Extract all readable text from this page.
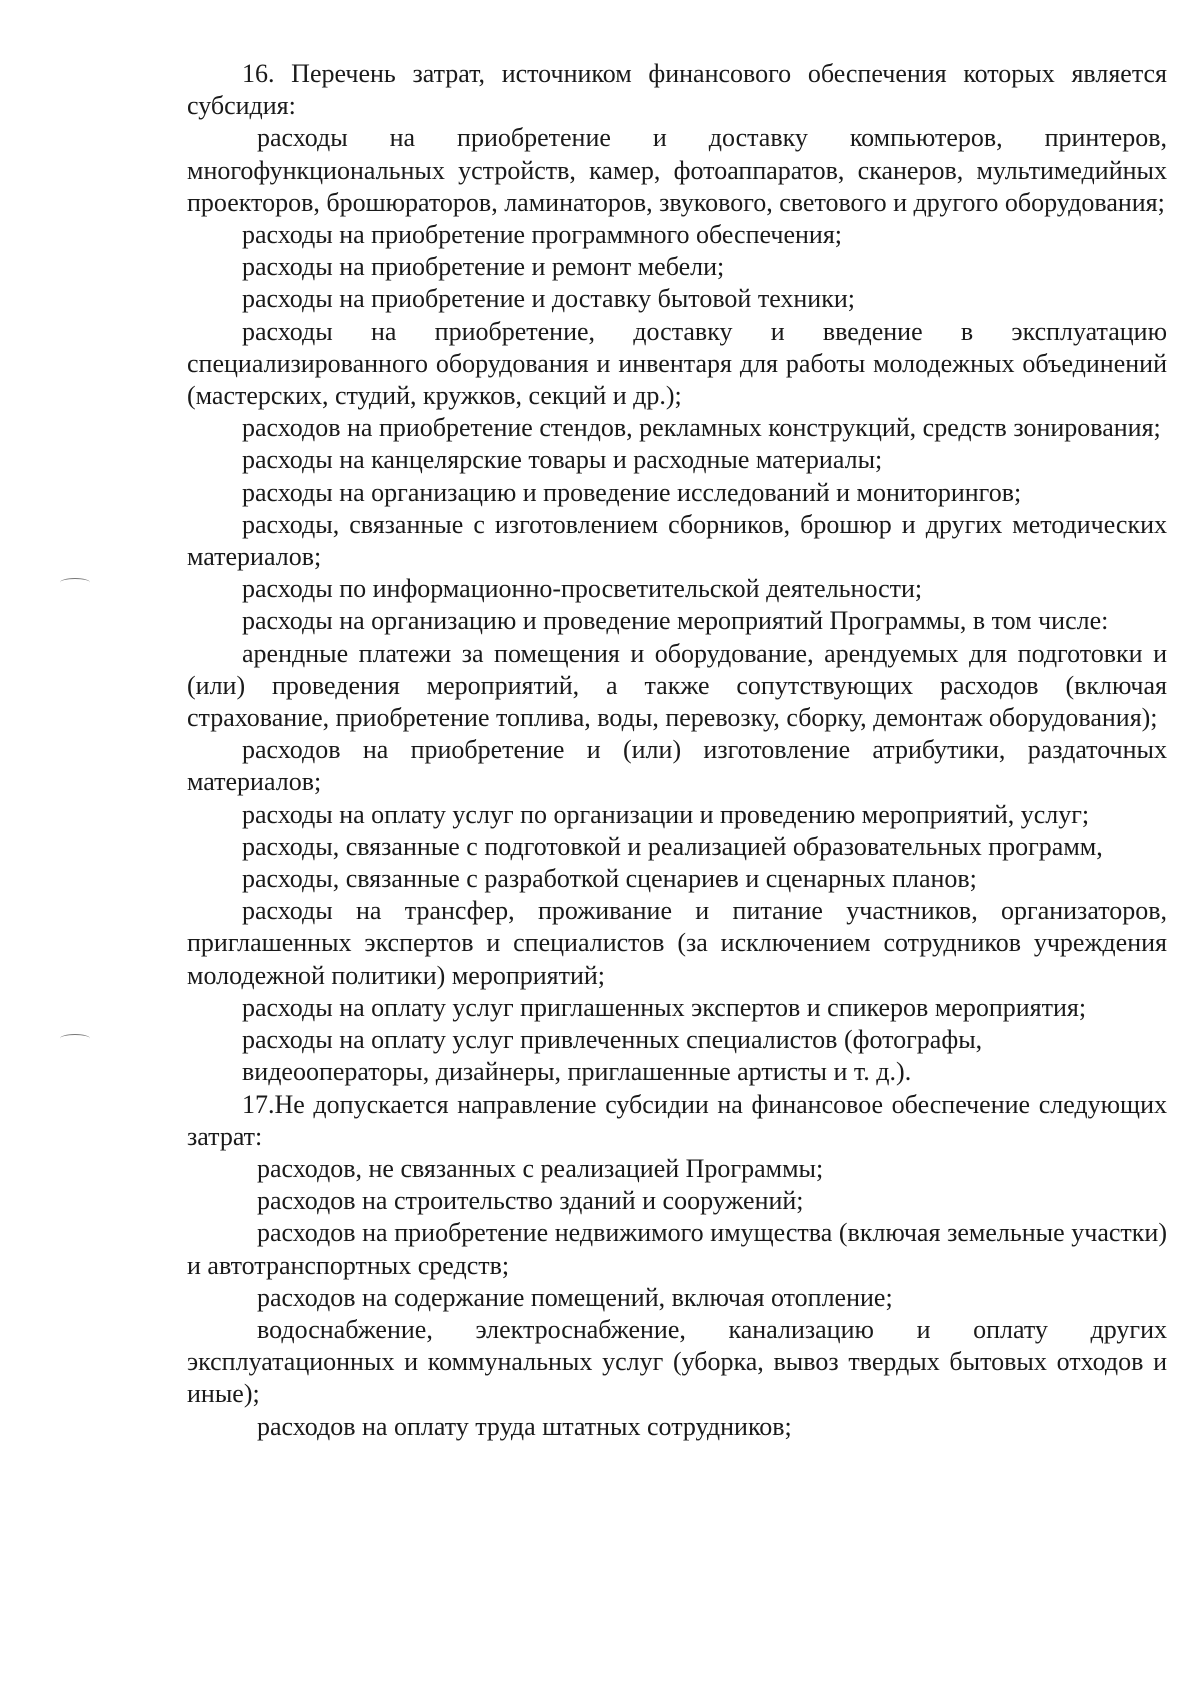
16. Перечень затрат, источником финансового обеспечения которых является субсидия:

расходы на приобретение и доставку компьютеров, принтеров, многофункциональных устройств, камер, фотоаппаратов, сканеров, мультимедийных проекторов, брошюраторов, ламинаторов, звукового, светового и другого оборудования;

расходы на приобретение программного обеспечения;

расходы на приобретение и ремонт мебели;

расходы на приобретение и доставку бытовой техники;

расходы на приобретение, доставку и введение в эксплуатацию специализированного оборудования и инвентаря для работы молодежных объединений (мастерских, студий, кружков, секций и др.);

расходов на приобретение стендов, рекламных конструкций, средств зонирования;

расходы на канцелярские товары и расходные материалы;

расходы на организацию и проведение исследований и мониторингов;

расходы, связанные с изготовлением сборников, брошюр и других методических материалов;

расходы по информационно-просветительской деятельности;

расходы на организацию и проведение мероприятий Программы, в том числе:

арендные платежи за помещения и оборудование, арендуемых для подготовки и (или) проведения мероприятий, а также сопутствующих расходов (включая страхование, приобретение топлива, воды, перевозку, сборку, демонтаж оборудования);

расходов на приобретение и (или) изготовление атрибутики, раздаточных материалов;

расходы на оплату услуг по организации и проведению мероприятий, услуг;

расходы, связанные с подготовкой и реализацией образовательных программ,

расходы, связанные с разработкой сценариев и сценарных планов;

расходы на трансфер, проживание и питание участников, организаторов, приглашенных экспертов и специалистов (за исключением сотрудников учреждения молодежной политики) мероприятий;

расходы на оплату услуг приглашенных экспертов и спикеров мероприятия;

расходы на оплату услуг привлеченных специалистов (фотографы,

видеооператоры, дизайнеры, приглашенные артисты и т. д.).

17.Не допускается направление субсидии на финансовое обеспечение следующих затрат:

расходов, не связанных с реализацией Программы;

расходов на строительство зданий и сооружений;

расходов на приобретение недвижимого имущества (включая земельные участки) и автотранспортных средств;

расходов на содержание помещений, включая отопление;

водоснабжение, электроснабжение, канализацию и оплату других эксплуатационных и коммунальных услуг (уборка, вывоз твердых бытовых отходов и иные);

расходов на оплату труда штатных сотрудников;
